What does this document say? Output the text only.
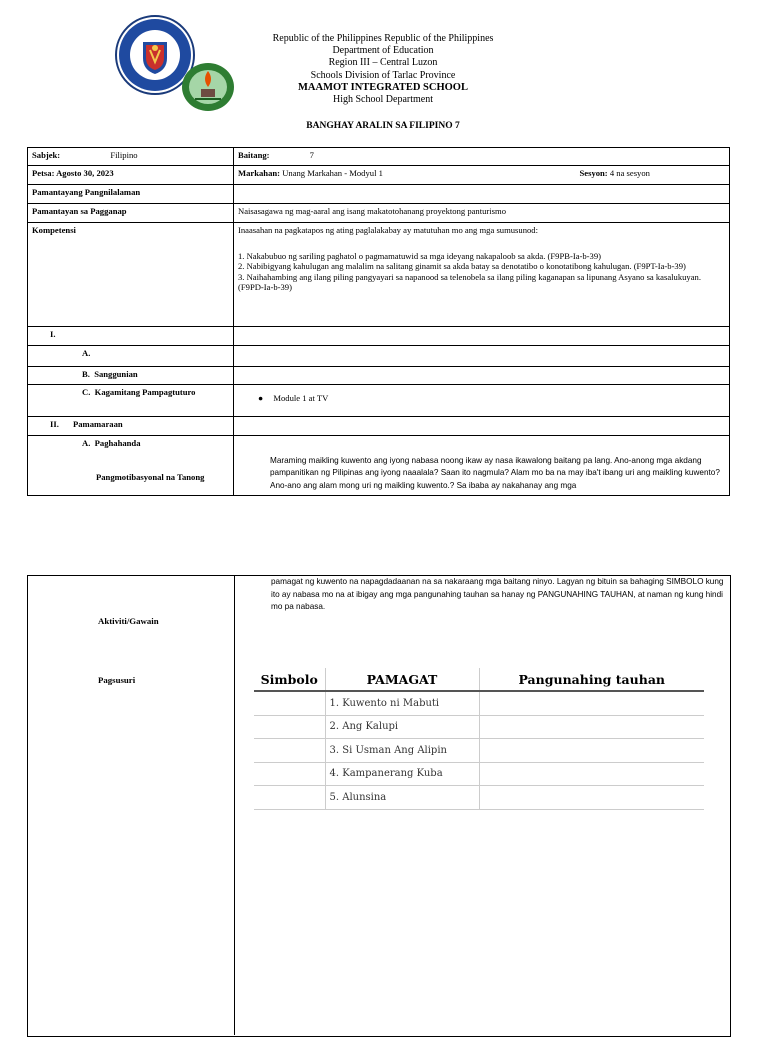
Republic of the Philippines Republic of the Philippines
Department of Education
Region III – Central Luzon
Schools Division of Tarlac Province
MAAMOT INTEGRATED SCHOOL
High School Department
BANGHAY ARALIN SA FILIPINO 7
Sabjek: Filipino	Baitang: 7
Petsa: Agosto 30, 2023	Markahan: Unang Markahan - Modyul 1 Sesyon: 4 na sesyon

Pamantayang Pangnilalaman	
Pamantayan sa Pagganap	Naisasagawa ng mag-aaral ang isang makatotohanang proyektong panturismo
Kompetensi	Inaasahan na pagkatapos ng ating paglalakabay ay matutuhan mo ang mga sumusunod:
1. Nakabubuo ng sariling paghatol o pagmamatuwid sa mga ideyang nakapaloob sa akda. (F9PB-Ia-b-39)
2. Nabibigyang kahulugan ang malalim na salitang ginamit sa akda batay sa denotatibo o konotatibong kahulugan. (F9PT-Ia-b-39)
3. Naihahambing ang ilang piling pangyayari sa napanood sa telenobela sa ilang piling kaganapan sa lipunang Asyano sa kasalukuyan. (F9PD-Ia-b-39)

I.	
A.	
B. Sanggunian	
C. Kagamitang Pampagtuturo	● Module 1 at TV
II. Pamamaraan	

A. Paghahanda
Pangmotibasyonal na Tanong	Maraming maikling kuwento ang iyong nabasa noong ikaw ay nasa ikawalong baitang pa lang. Ano-anong mga akdang pampanitikan ng Pilipinas ang iyong naaalala? Saan ito nagmula? Alam mo ba na may iba't ibang uri ang maikling kuwento? Ano-ano ang alam mong uri ng maikling kuwento.? Sa ibaba ay nakahanay ang mga
pamagat ng kuwento na napagdadaanan na sa nakaraang mga baitang ninyo. Lagyan ng bituin sa bahaging SIMBOLO kung ito ay nabasa mo na at ibigay ang mga pangunahing tauhan sa hanay ng PANGUNAHING TAUHAN, at naman ng kung hindi mo pa nabasa.
Aktiviti/Gawain
Pagsusuri	Simbolo	PAMAGAT	Pangunahing tauhan
	1. Kuwento ni Mabuti	
	2. Ang Kalupi	
	3. Si Usman Ang Alipin	
	4. Kampanerang Kuba	
	5. Alunsina	
